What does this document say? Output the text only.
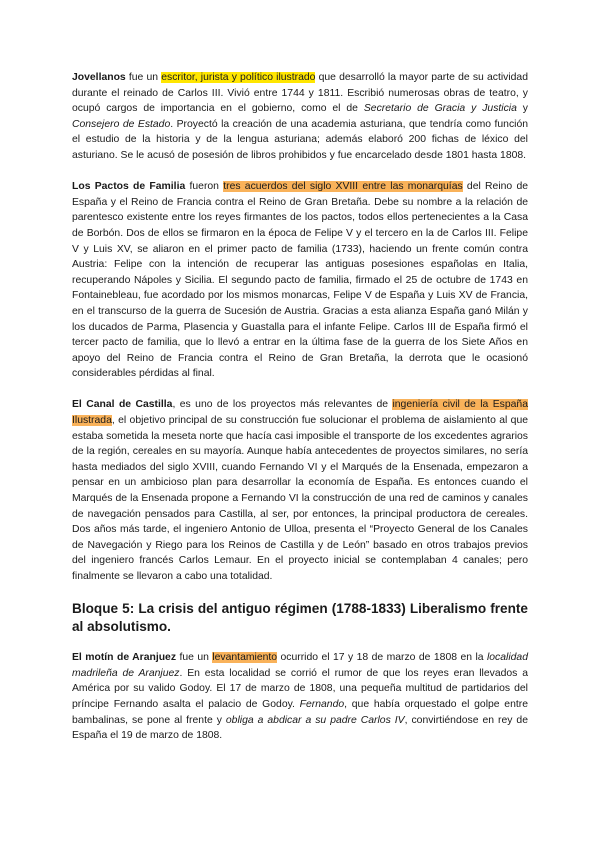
Jovellanos fue un escritor, jurista y político ilustrado que desarrolló la mayor parte de su actividad durante el reinado de Carlos III. Vivió entre 1744 y 1811. Escribió numerosas obras de teatro, y ocupó cargos de importancia en el gobierno, como el de Secretario de Gracia y Justicia y Consejero de Estado. Proyectó la creación de una academia asturiana, que tendría como función el estudio de la historia y de la lengua asturiana; además elaboró 200 fichas de léxico del asturiano. Se le acusó de posesión de libros prohibidos y fue encarcelado desde 1801 hasta 1808.

Los Pactos de Familia fueron tres acuerdos del siglo XVIII entre las monarquías del Reino de España y el Reino de Francia contra el Reino de Gran Bretaña. Debe su nombre a la relación de parentesco existente entre los reyes firmantes de los pactos, todos ellos pertenecientes a la Casa de Borbón. Dos de ellos se firmaron en la época de Felipe V y el tercero en la de Carlos III. Felipe V y Luis XV, se aliaron en el primer pacto de familia (1733), haciendo un frente común contra Austria: Felipe con la intención de recuperar las antiguas posesiones españolas en Italia, recuperando Nápoles y Sicilia. El segundo pacto de familia, firmado el 25 de octubre de 1743 en Fontainebleau, fue acordado por los mismos monarcas, Felipe V de España y Luis XV de Francia, en el transcurso de la guerra de Sucesión de Austria. Gracias a esta alianza España ganó Milán y los ducados de Parma, Plasencia y Guastalla para el infante Felipe. Carlos III de España firmó el tercer pacto de familia, que lo llevó a entrar en la última fase de la guerra de los Siete Años en apoyo del Reino de Francia contra el Reino de Gran Bretaña, la derrota que le ocasionó considerables pérdidas al final.

El Canal de Castilla, es uno de los proyectos más relevantes de ingeniería civil de la España Ilustrada, el objetivo principal de su construcción fue solucionar el problema de aislamiento al que estaba sometida la meseta norte que hacía casi imposible el transporte de los excedentes agrarios de la región, cereales en su mayoría. Aunque había antecedentes de proyectos similares, no sería hasta mediados del siglo XVIII, cuando Fernando VI y el Marqués de la Ensenada, empezaron a pensar en un ambicioso plan para desarrollar la economía de España. Es entonces cuando el Marqués de la Ensenada propone a Fernando VI la construcción de una red de caminos y canales de navegación pensados para Castilla, al ser, por entonces, la principal productora de cereales. Dos años más tarde, el ingeniero Antonio de Ulloa, presenta el “Proyecto General de los Canales de Navegación y Riego para los Reinos de Castilla y de León” basado en otros trabajos previos del ingeniero francés Carlos Lemaur. En el proyecto inicial se contemplaban 4 canales; pero finalmente se llevaron a cabo una totalidad.

Bloque 5: La crisis del antiguo régimen (1788-1833) Liberalismo frente al absolutismo.

El motín de Aranjuez fue un levantamiento ocurrido el 17 y 18 de marzo de 1808 en la localidad madrileña de Aranjuez. En esta localidad se corrió el rumor de que los reyes eran llevados a América por su valido Godoy. El 17 de marzo de 1808, una pequeña multitud de partidarios del príncipe Fernando asalta el palacio de Godoy. Fernando, que había orquestado el golpe entre bambalinas, se pone al frente y obliga a abdicar a su padre Carlos IV, convirtiéndose en rey de España el 19 de marzo de 1808.
